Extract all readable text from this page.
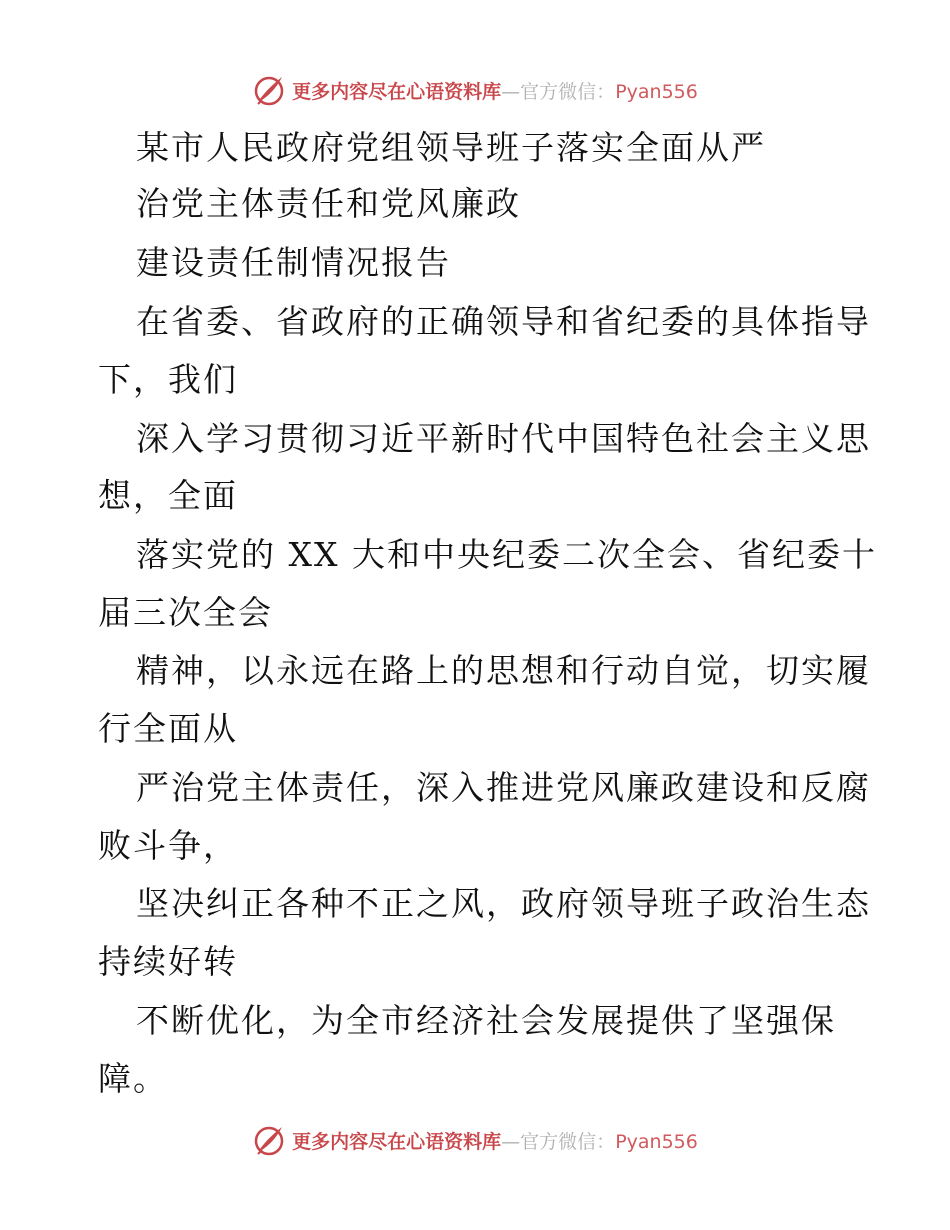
更多内容尽在心语资料库—官方微信：Pyan556
某市人民政府党组领导班子落实全面从严
治党主体责任和党风廉政
建设责任制情况报告
在省委、省政府的正确领导和省纪委的具体指导
下，我们
深入学习贯彻习近平新时代中国特色社会主义思
想，全面
落实党的 XX 大和中央纪委二次全会、省纪委十
届三次全会
精神，以永远在路上的思想和行动自觉，切实履
行全面从
严治党主体责任，深入推进党风廉政建设和反腐
败斗争，
坚决纠正各种不正之风，政府领导班子政治生态
持续好转
不断优化，为全市经济社会发展提供了坚强保
障。
更多内容尽在心语资料库—官方微信：Pyan556
